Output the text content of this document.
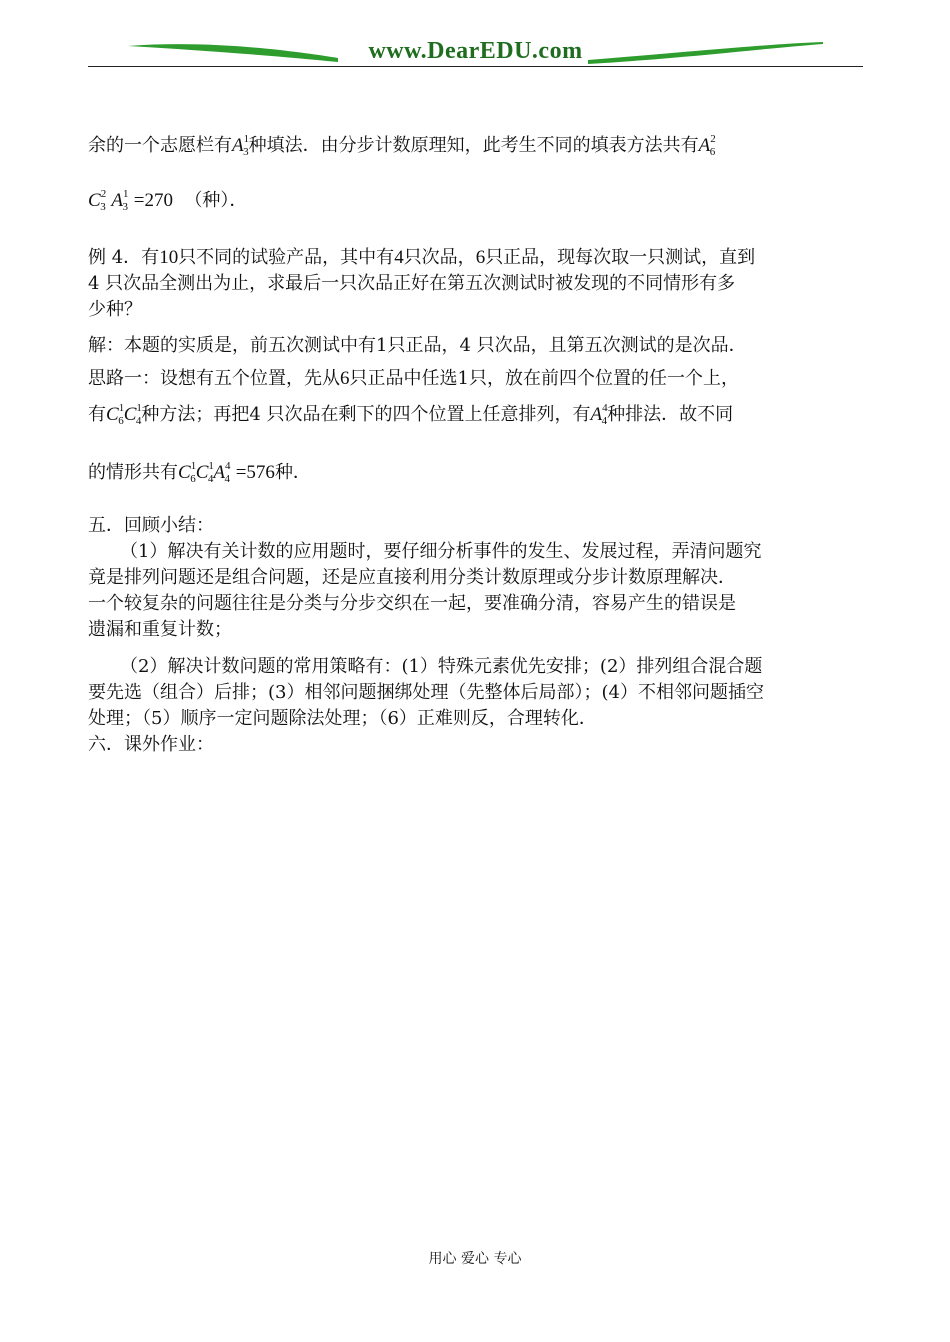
www.DearEDU.com
余的一个志愿栏有$A^1_3$种填法．由分步计数原理知，此考生不同的填表方法共有$A^2_6$
$C^2_3$ $A^1_3 =270$ （种）．
例 4．有10只不同的试验产品，其中有4只次品，6只正品，现每次取一只测试，直到
4 只次品全测出为止，求最后一只次品正好在第五次测试时被发现的不同情形有多
少种？
解：本题的实质是，前五次测试中有1只正品，4 只次品，且第五次测试的是次品．
思路一：设想有五个位置，先从6只正品中任选1只，放在前四个位置的任一个上，
有$C^1_6C^1_4$种方法；再把4 只次品在剩下的四个位置上任意排列，有$A^4_4$种排法．故不同
的情形共有$C^1_6C^1_4A^4_4 =576$种．
五．回顾小结：
（1）解决有关计数的应用题时，要仔细分析事件的发生、发展过程，弄清问题究
竟是排列问题还是组合问题，还是应直接利用分类计数原理或分步计数原理解决．
一个较复杂的问题往往是分类与分步交织在一起，要准确分清，容易产生的错误是
遗漏和重复计数；
（2）解决计数问题的常用策略有：(1）特殊元素优先安排；(2）排列组合混合题
要先选（组合）后排；(3）相邻问题捆绑处理（先整体后局部）；(4）不相邻问题插空
处理；（5）顺序一定问题除法处理；（6）正难则反，合理转化．
六．课外作业：
用心 爱心 专心
